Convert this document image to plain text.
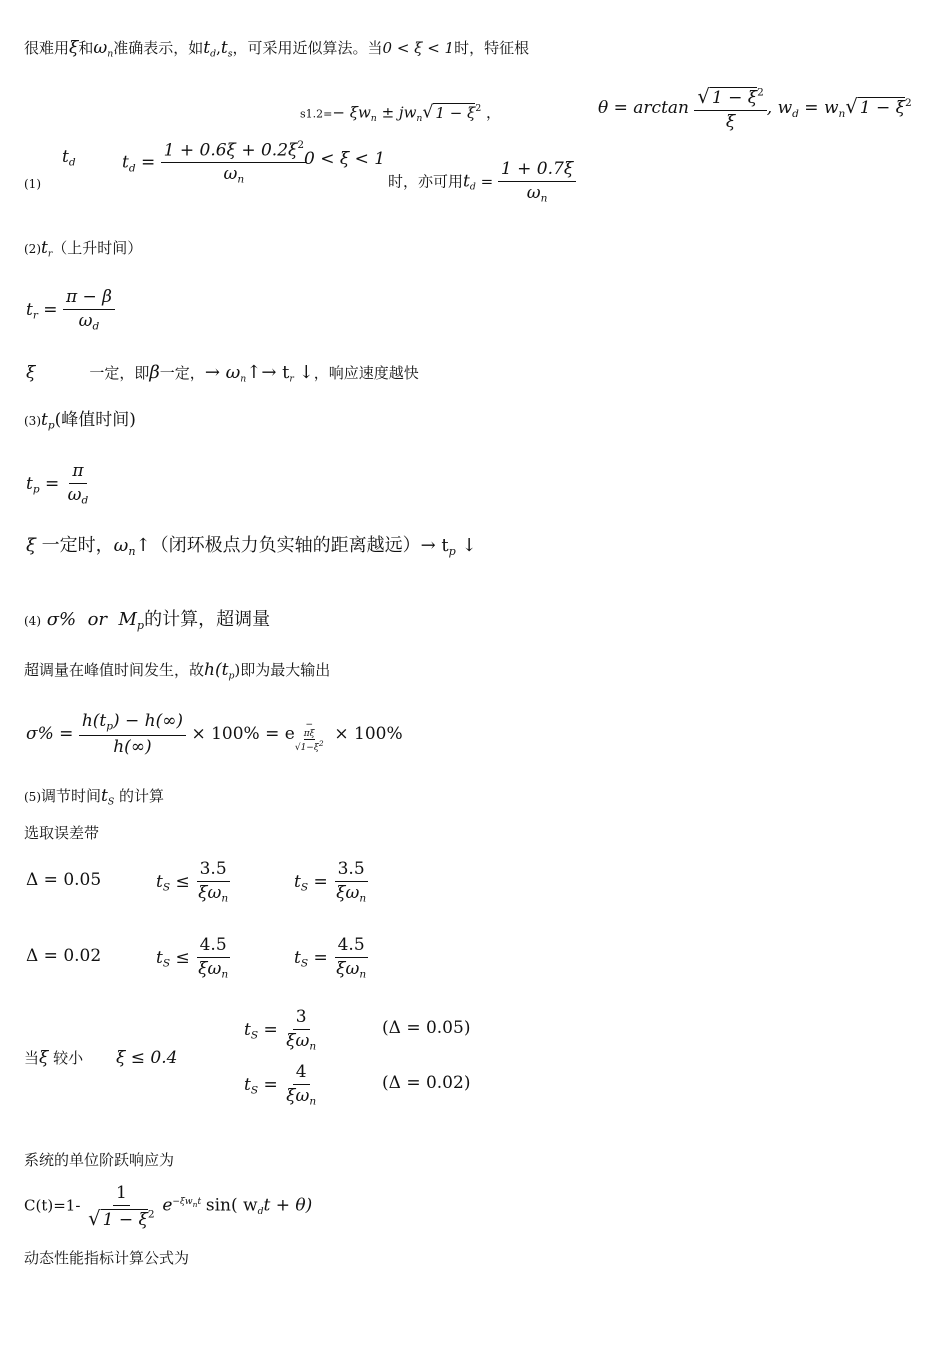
很难用ξ和$\omega_n$准确表示，如$t_d,t_s$，可采用近似算法。当0 < ξ < 1时，特征根
$s1.2=- \xi w_n \pm jw_n√$ $1 - \xi^2$ ，	$\theta = \arctan \frac{√ 1 - \xi^2}{\xi}$ , $w_d = w_n√$ $1 - \xi^2$
(1)
$t_d$	$t_d = \frac{1 + 0.6\xi + 0.2\xi^2}{\omega_n}$
0 < ξ < 1
时，亦可用$t_d = \frac{1 + 0.7\xi}{\omega_n}$
$(2)t_r$（上升时间）
$t_r = \frac{\pi - \beta}{\omega_d}$
ξ	一定，即β一定，→ $\omega_n↑\to t_r$ ↓，响应速度越快
$(3)t_p$(峰值时间)
$t_p = \frac{\pi}{\omega_d}$
ξ 一定时，$\omega_n↑$（闭环极点力负实轴的距离越远）→ $t_p$ ↓
(4) σ% or $M_p$的计算，超调量
超调量在峰值时间发生，故$h(t_p)$即为最大输出
$\sigma\% = \frac{h(t_p) - h(\infty)}{h(\infty)} \times 100\% = e$ −
πξ
$√1-\xi^2 \times 100\%$
(5)调节时间$t_S$ 的计算
选取误差带
Δ = 0.05	$t_S \le \frac{3.5}{\xi\omega_n}$	$t_S = \frac{3.5}{\xi\omega_n}$
Δ = 0.02	$t_S \le \frac{4.5}{\xi\omega_n}$	$t_S = \frac{4.5}{\xi\omega_n}$
当ξ 较小 ξ ≤ 0.4
$t_S = \frac{3}{\xi\omega_n}$	(Δ = 0.05)
$t_S = \frac{4}{\xi\omega_n}$	(Δ = 0.02)
系统的单位阶跃响应为
$C(t)=1- \frac{1}{√ 1 - \xi^2} e^{-\xi w_nt}$ sin( $w_dt + \theta$)
动态性能指标计算公式为
